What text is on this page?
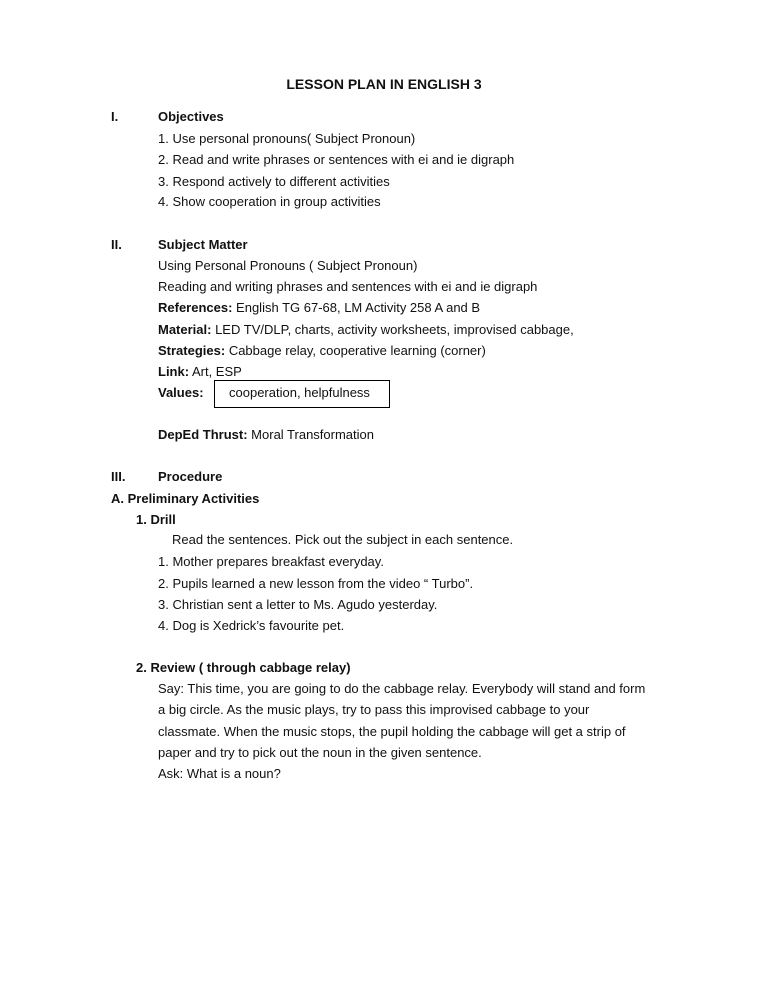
LESSON PLAN IN ENGLISH 3
I.	Objectives
1. Use personal pronouns( Subject Pronoun)
2. Read and write phrases or sentences with ei and ie digraph
3. Respond actively to different activities
4. Show cooperation in group activities
II.	Subject Matter
Using Personal Pronouns ( Subject Pronoun)
Reading and writing phrases and sentences with ei and ie digraph
References: English TG 67-68, LM Activity 258 A and B
Material: LED TV/DLP, charts, activity worksheets, improvised cabbage,
Strategies: Cabbage relay, cooperative learning (corner)
Link: Art, ESP
Values: cooperation, helpfulness
DepEd Thrust: Moral Transformation
III.	Procedure
A. Preliminary Activities
1. Drill
Read the sentences. Pick out the subject in each sentence.
1. Mother prepares breakfast everyday.
2. Pupils learned a new lesson from the video “ Turbo”.
3. Christian sent a letter to Ms. Agudo yesterday.
4. Dog is Xedrick’s favourite pet.
2. Review ( through cabbage relay)
Say: This time, you are going to do the cabbage relay. Everybody will stand and form
a big circle. As the music plays, try to pass this improvised cabbage to your
classmate. When the music stops, the pupil holding the cabbage will get a strip of
paper and try to pick out the noun in the given sentence.
Ask: What is a noun?
